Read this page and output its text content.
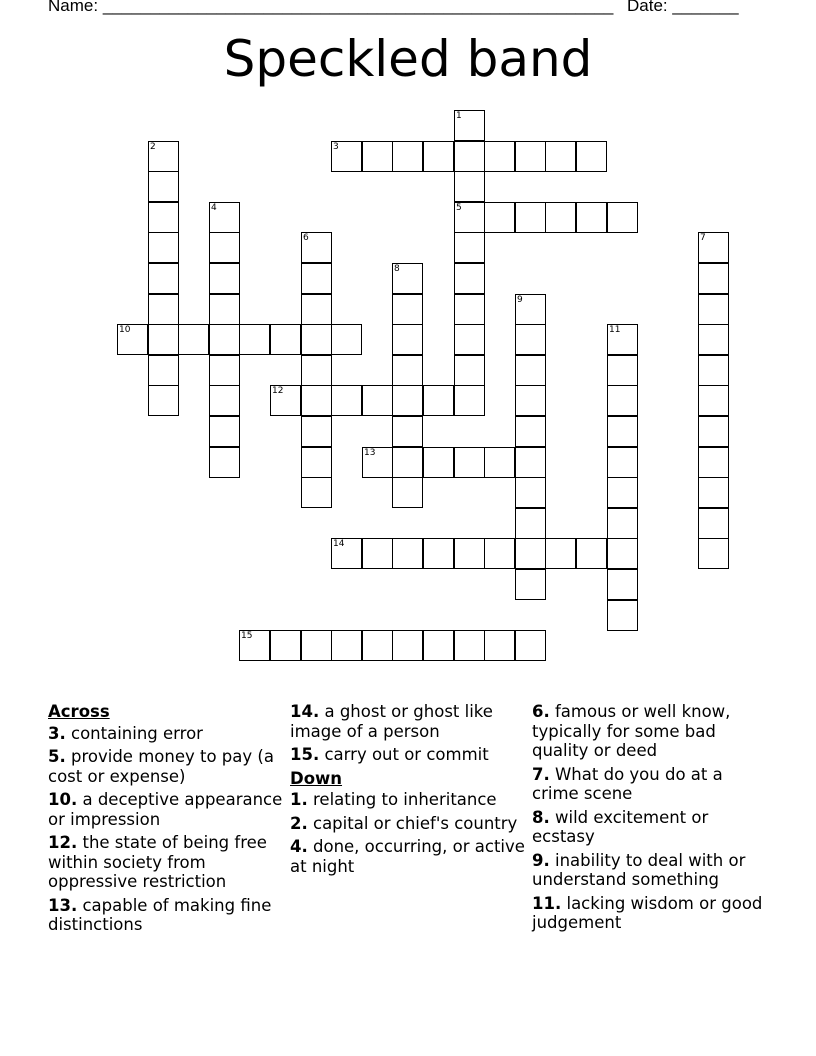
Name: ______________________________________________________ Date: _______
Speckled band
1
2	3
4	5
6	7
8
9
10	11
12
13
14
15
Across
3. containing error
5. provide money to pay (a cost or expense)
10. a deceptive appearance or impression
12. the state of being free within society from oppressive restriction
13. capable of making fine distinctions
14. a ghost or ghost like image of a person
15. carry out or commit
Down
1. relating to inheritance
2. capital or chief's country
4. done, occurring, or active at night
6. famous or well know, typically for some bad quality or deed
7. What do you do at a crime scene
8. wild excitement or ecstasy
9. inability to deal with or understand something
11. lacking wisdom or good judgement
